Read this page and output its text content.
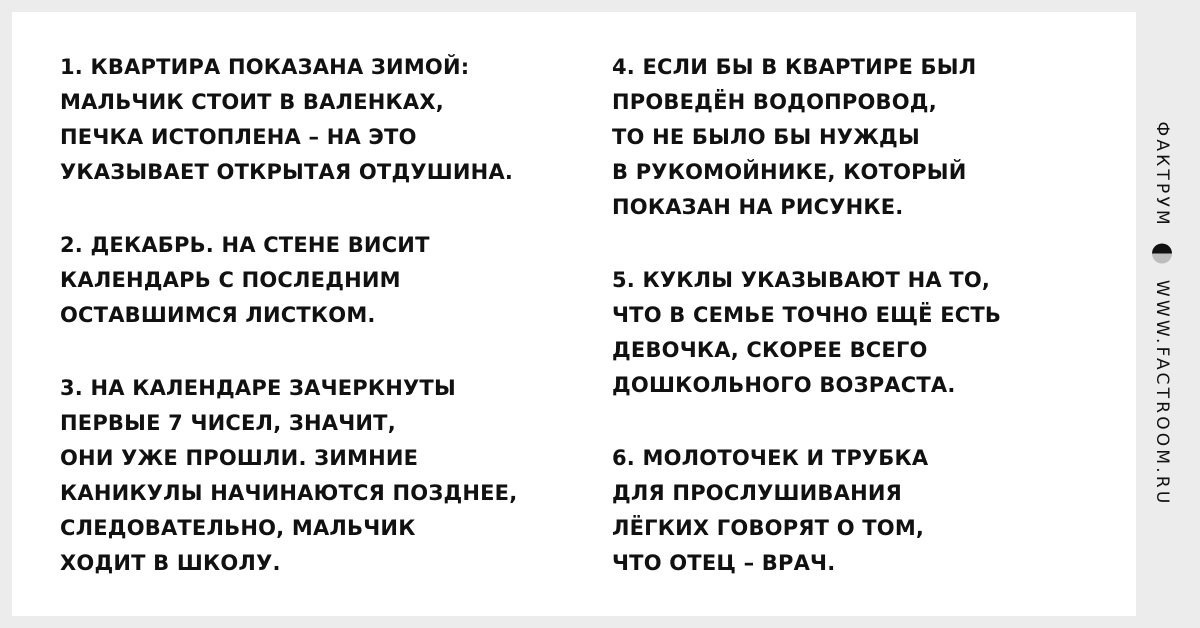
1. КВАРТИРА ПОКАЗАНА ЗИМОЙ:
МАЛЬЧИК СТОИТ В ВАЛЕНКАХ,
ПЕЧКА ИСТОПЛЕНА – НА ЭТО
УКАЗЫВАЕТ ОТКРЫТАЯ ОТДУШИНА.
2. ДЕКАБРЬ. НА СТЕНЕ ВИСИТ
КАЛЕНДАРЬ С ПОСЛЕДНИМ
ОСТАВШИМСЯ ЛИСТКОМ.
3. НА КАЛЕНДАРЕ ЗАЧЕРКНУТЫ
ПЕРВЫЕ 7 ЧИСЕЛ, ЗНАЧИТ,
ОНИ УЖЕ ПРОШЛИ. ЗИМНИЕ
КАНИКУЛЫ НАЧИНАЮТСЯ ПОЗДНЕЕ,
СЛЕДОВАТЕЛЬНО, МАЛЬЧИК
ХОДИТ В ШКОЛУ.
4. ЕСЛИ БЫ В КВАРТИРЕ БЫЛ
ПРОВЕДЁН ВОДОПРОВОД,
ТО НЕ БЫЛО БЫ НУЖДЫ
В РУКОМОЙНИКЕ, КОТОРЫЙ
ПОКАЗАН НА РИСУНКЕ.
5. КУКЛЫ УКАЗЫВАЮТ НА ТО,
ЧТО В СЕМЬЕ ТОЧНО ЕЩЁ ЕСТЬ
ДЕВОЧКА, СКОРЕЕ ВСЕГО
ДОШКОЛЬНОГО ВОЗРАСТА.
6. МОЛОТОЧЕК И ТРУБКА
ДЛЯ ПРОСЛУШИВАНИЯ
ЛЁГКИХ ГОВОРЯТ О ТОМ,
ЧТО ОТЕЦ – ВРАЧ.
ФАКТРУМ
WWW.FACTROOM.RU
